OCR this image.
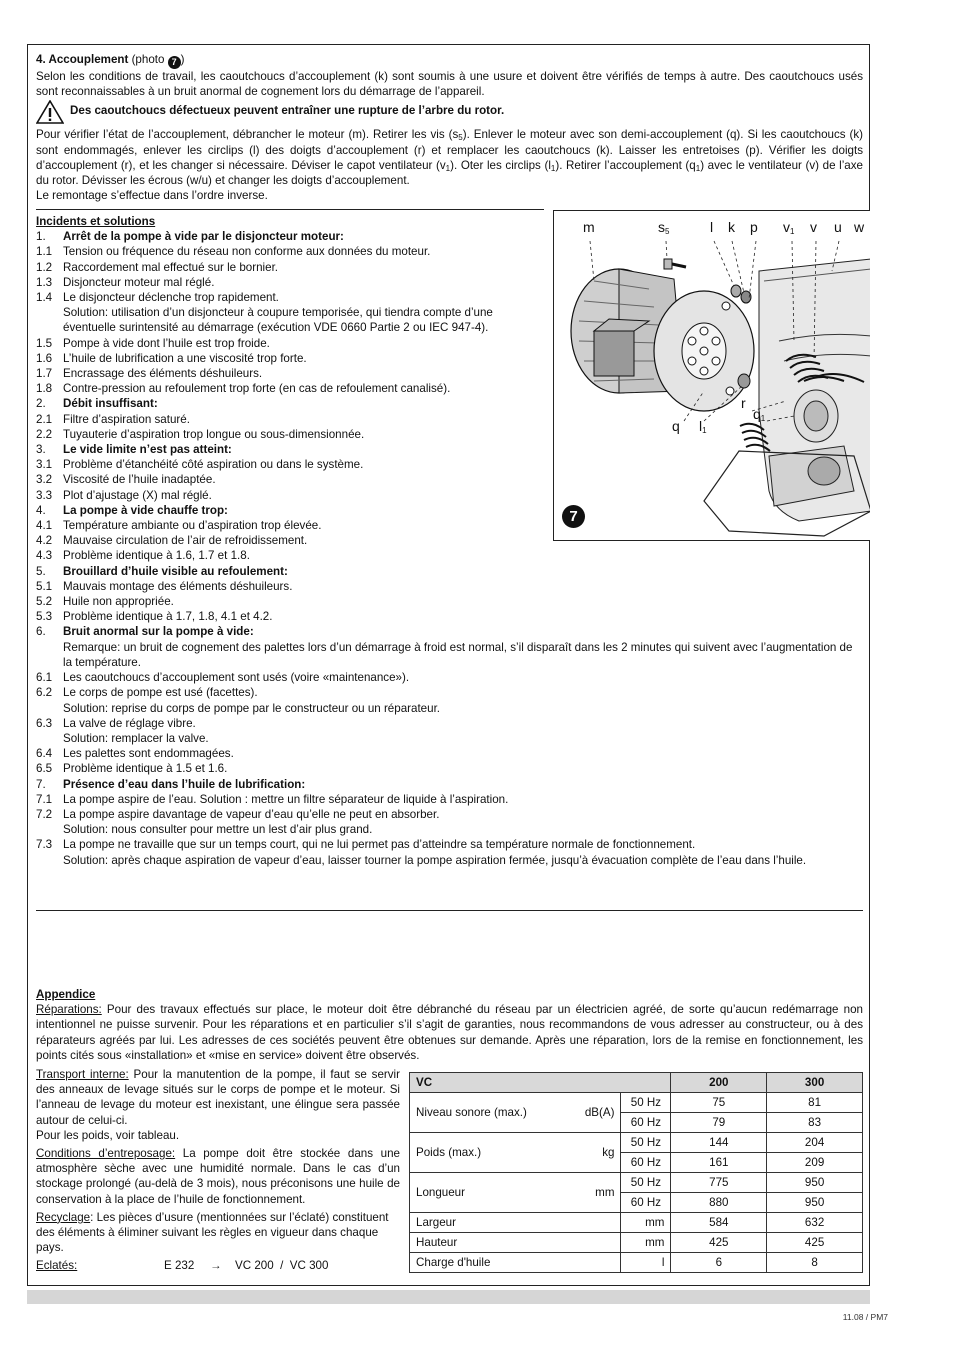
4. Accouplement (photo 7 )
Selon les conditions de travail, les caoutchoucs d’accouplement (k) sont soumis à une usure et doivent être vérifiés de temps à autre. Des caoutchoucs usés sont reconnaissables à un bruit anormal de cognement lors du démarrage de l’appareil.
Des caoutchoucs défectueux peuvent entraîner une rupture de l’arbre du rotor.
Pour vérifier l’état de l’accouplement, débrancher le moteur (m). Retirer les vis $(s_5)$. Enlever le moteur avec son demi-accouplement (q). Si les caoutchoucs (k) sont endommagés, enlever les circlips (l) des doigts d’accouplement (r) et remplacer les caoutchoucs (k). Laisser les entretoises (p). Vérifier les doigts d’accouplement (r), et les changer si nécessaire. Déviser le capot ventilateur $(v_1)$. Oter les circlips $(l_1)$. Retirer l’accouplement $(q_1)$ avec le ventilateur (v) de l’axe du rotor. Dévisser les écrous (w/u) et changer les doigts d’accouplement.
Le remontage s’effectue dans l’ordre inverse.
Incidents et solutions
1.	Arrêt de la pompe à vide par le disjoncteur moteur:
1.1 Tension ou fréquence du réseau non conforme aux données du moteur.
1.2 Raccordement mal effectué sur le bornier.
1.3 Disjoncteur moteur mal réglé.
1.4 Le disjoncteur déclenche trop rapidement.
Solution: utilisation d’un disjoncteur à coupure temporisée, qui tiendra compte d’une
éventuelle surintensité au démarrage (exécution VDE 0660 Partie 2 ou IEC 947-4).
1.5 Pompe à vide dont l’huile est trop froide.
1.6 L’huile de lubrification a une viscosité trop forte.
1.7 Encrassage des éléments déshuileurs.
1.8 Contre-pression au refoulement trop forte (en cas de refoulement canalisé).
2.	Débit insuffisant:
2.1 Filtre d’aspiration saturé.
2.2 Tuyauterie d’aspiration trop longue ou sous-dimensionnée.
3.	Le vide limite n’est pas atteint:
3.1 Problème d’étanchéité côté aspiration ou dans le système.
3.2 Viscosité de l’huile inadaptée.
3.3 Plot d’ajustage (X) mal réglé.
4.	La pompe à vide chauffe trop:
4.1 Température ambiante ou d’aspiration trop élevée.
4.2 Mauvaise circulation de l’air de refroidissement.
4.3 Problème identique à 1.6, 1.7 et 1.8.
5.	Brouillard d’huile visible au refoulement:
5.1 Mauvais montage des éléments déshuileurs.
5.2 Huile non appropriée.
5.3 Problème identique à 1.7, 1.8, 4.1 et 4.2.
6.	Bruit anormal sur la pompe à vide:
Remarque: un bruit de cognement des palettes lors d’un démarrage à froid est normal, s’il disparaît dans les 2 minutes qui suivent avec l’augmentation de la température.
6.1 Les caoutchoucs d’accouplement sont usés (voire «maintenance»).
6.2 Le corps de pompe est usé (facettes).
Solution: reprise du corps de pompe par le constructeur ou un réparateur.
6.3 La valve de réglage vibre.
Solution: remplacer la valve.
6.4 Les palettes sont endommagées.
6.5 Problème identique à 1.5 et 1.6.
7.	Présence d’eau dans l’huile de lubrification:
7.1 La pompe aspire de l’eau. Solution : mettre un filtre séparateur de liquide à l’aspiration.
7.2 La pompe aspire davantage de vapeur d’eau qu’elle ne peut en absorber.
Solution: nous consulter pour mettre un lest d’air plus grand.
7.3 La pompe ne travaille que sur un temps court, qui ne lui permet pas d’atteindre sa température normale de fonctionnement.
Solution: après chaque aspiration de vapeur d’eau, laisser tourner la pompe aspiration fermée, jusqu’à évacuation complète de l’eau dans l’huile.
m	$s_5$	l k p $v_1$ v u w
r
q
$q_1$
$l_1$
7
Appendice
Réparations: Pour des travaux effectués sur place, le moteur doit être débranché du réseau par un électricien agréé, de sorte qu’aucun redémarrage non intentionnel ne puisse survenir. Pour les réparations et en particulier s’il s’agit de garanties, nous recommandons de vous adresser au constructeur, ou à des réparateurs agréés par lui. Les adresses de ces sociétés peuvent être obtenues sur demande. Après une réparation, lors de la remise en fonctionnement, les points cités sous «installation» et «mise en service» doivent être observés.
Transport interne: Pour la manutention de la pompe, il faut se servir des anneaux de levage situés sur le corps de pompe et le moteur. Si l’anneau de levage du moteur est inexistant, une élingue sera passée autour de celui-ci.
Pour les poids, voir tableau.
Conditions d’entreposage: La pompe doit être stockée dans une atmosphère sèche avec une humidité normale. Dans le cas d’un stockage prolongé (au-delà de 3 mois), nous préconisons une huile de conservation à la place de l’huile de fonctionnement.
Recyclage: Les pièces d’usure (mentionnées sur l’éclaté) constituent des éléments à éliminer suivant les règles en vigueur dans chaque pays.
Eclatés:	E 232 → VC 200  /  VC 300
VC		200	300

Niveau sonore (max.) dB(A)	50 Hz	75	81
	60 Hz	79	83

Poids (max.) kg	50 Hz	144	204
	60 Hz	161	209

Longueur mm	50 Hz	775	950
	60 Hz	880	950
Largeur	mm	584	632
Hauteur	mm	425	425
Charge d'huile	l	6	8
11.08 / PM7
